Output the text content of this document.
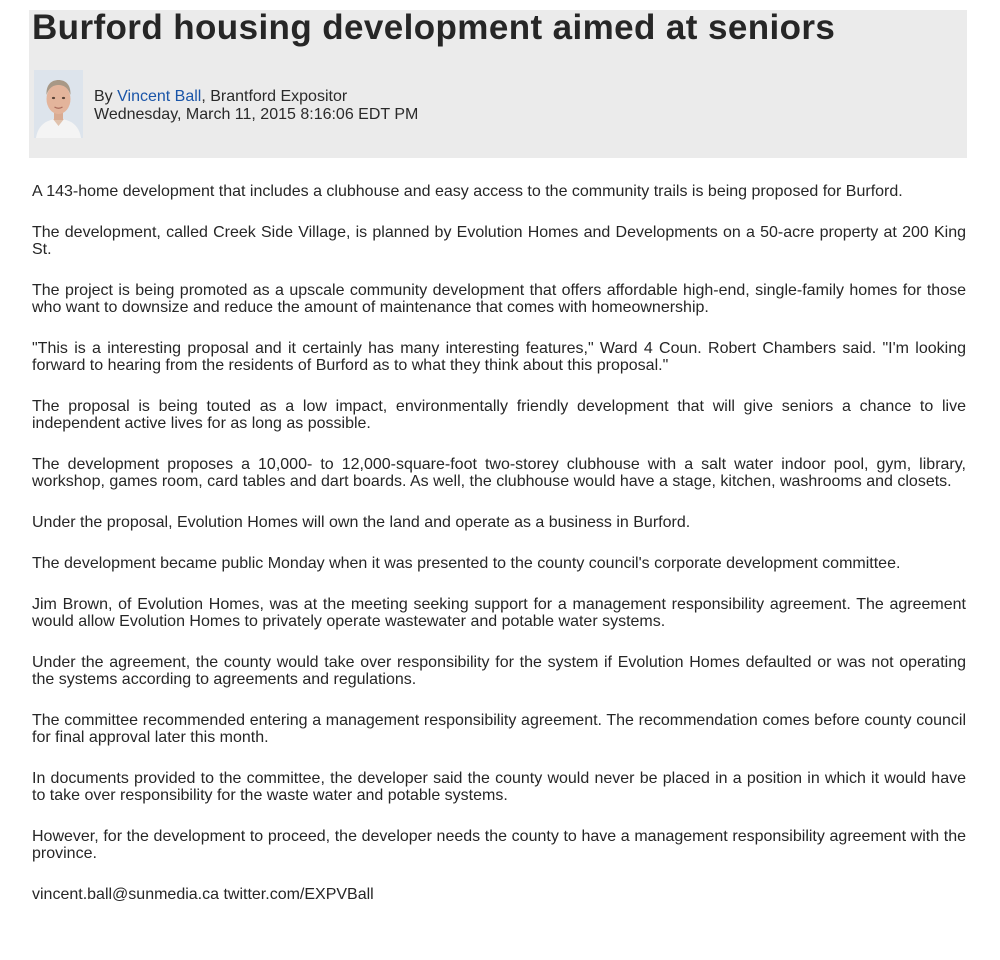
Burford housing development aimed at seniors
By Vincent Ball, Brantford Expositor
Wednesday, March 11, 2015 8:16:06 EDT PM

A 143-home development that includes a clubhouse and easy access to the community trails is being proposed for Burford.

The development, called Creek Side Village, is planned by Evolution Homes and Developments on a 50-acre property at 200 King St.

The project is being promoted as a upscale community development that offers affordable high-end, single-family homes for those who want to downsize and reduce the amount of maintenance that comes with homeownership.

"This is a interesting proposal and it certainly has many interesting features," Ward 4 Coun. Robert Chambers said. "I'm looking forward to hearing from the residents of Burford as to what they think about this proposal."

The proposal is being touted as a low impact, environmentally friendly development that will give seniors a chance to live independent active lives for as long as possible.

The development proposes a 10,000- to 12,000-square-foot two-storey clubhouse with a salt water indoor pool, gym, library, workshop, games room, card tables and dart boards. As well, the clubhouse would have a stage, kitchen, washrooms and closets.

Under the proposal, Evolution Homes will own the land and operate as a business in Burford.

The development became public Monday when it was presented to the county council's corporate development committee.

Jim Brown, of Evolution Homes, was at the meeting seeking support for a management responsibility agreement. The agreement would allow Evolution Homes to privately operate wastewater and potable water systems.

Under the agreement, the county would take over responsibility for the system if Evolution Homes defaulted or was not operating the systems according to agreements and regulations.

The committee recommended entering a management responsibility agreement. The recommendation comes before county council for final approval later this month.

In documents provided to the committee, the developer said the county would never be placed in a position in which it would have to take over responsibility for the waste water and potable systems.

However, for the development to proceed, the developer needs the county to have a management responsibility agreement with the province.

vincent.ball@sunmedia.ca twitter.com/EXPVBall
